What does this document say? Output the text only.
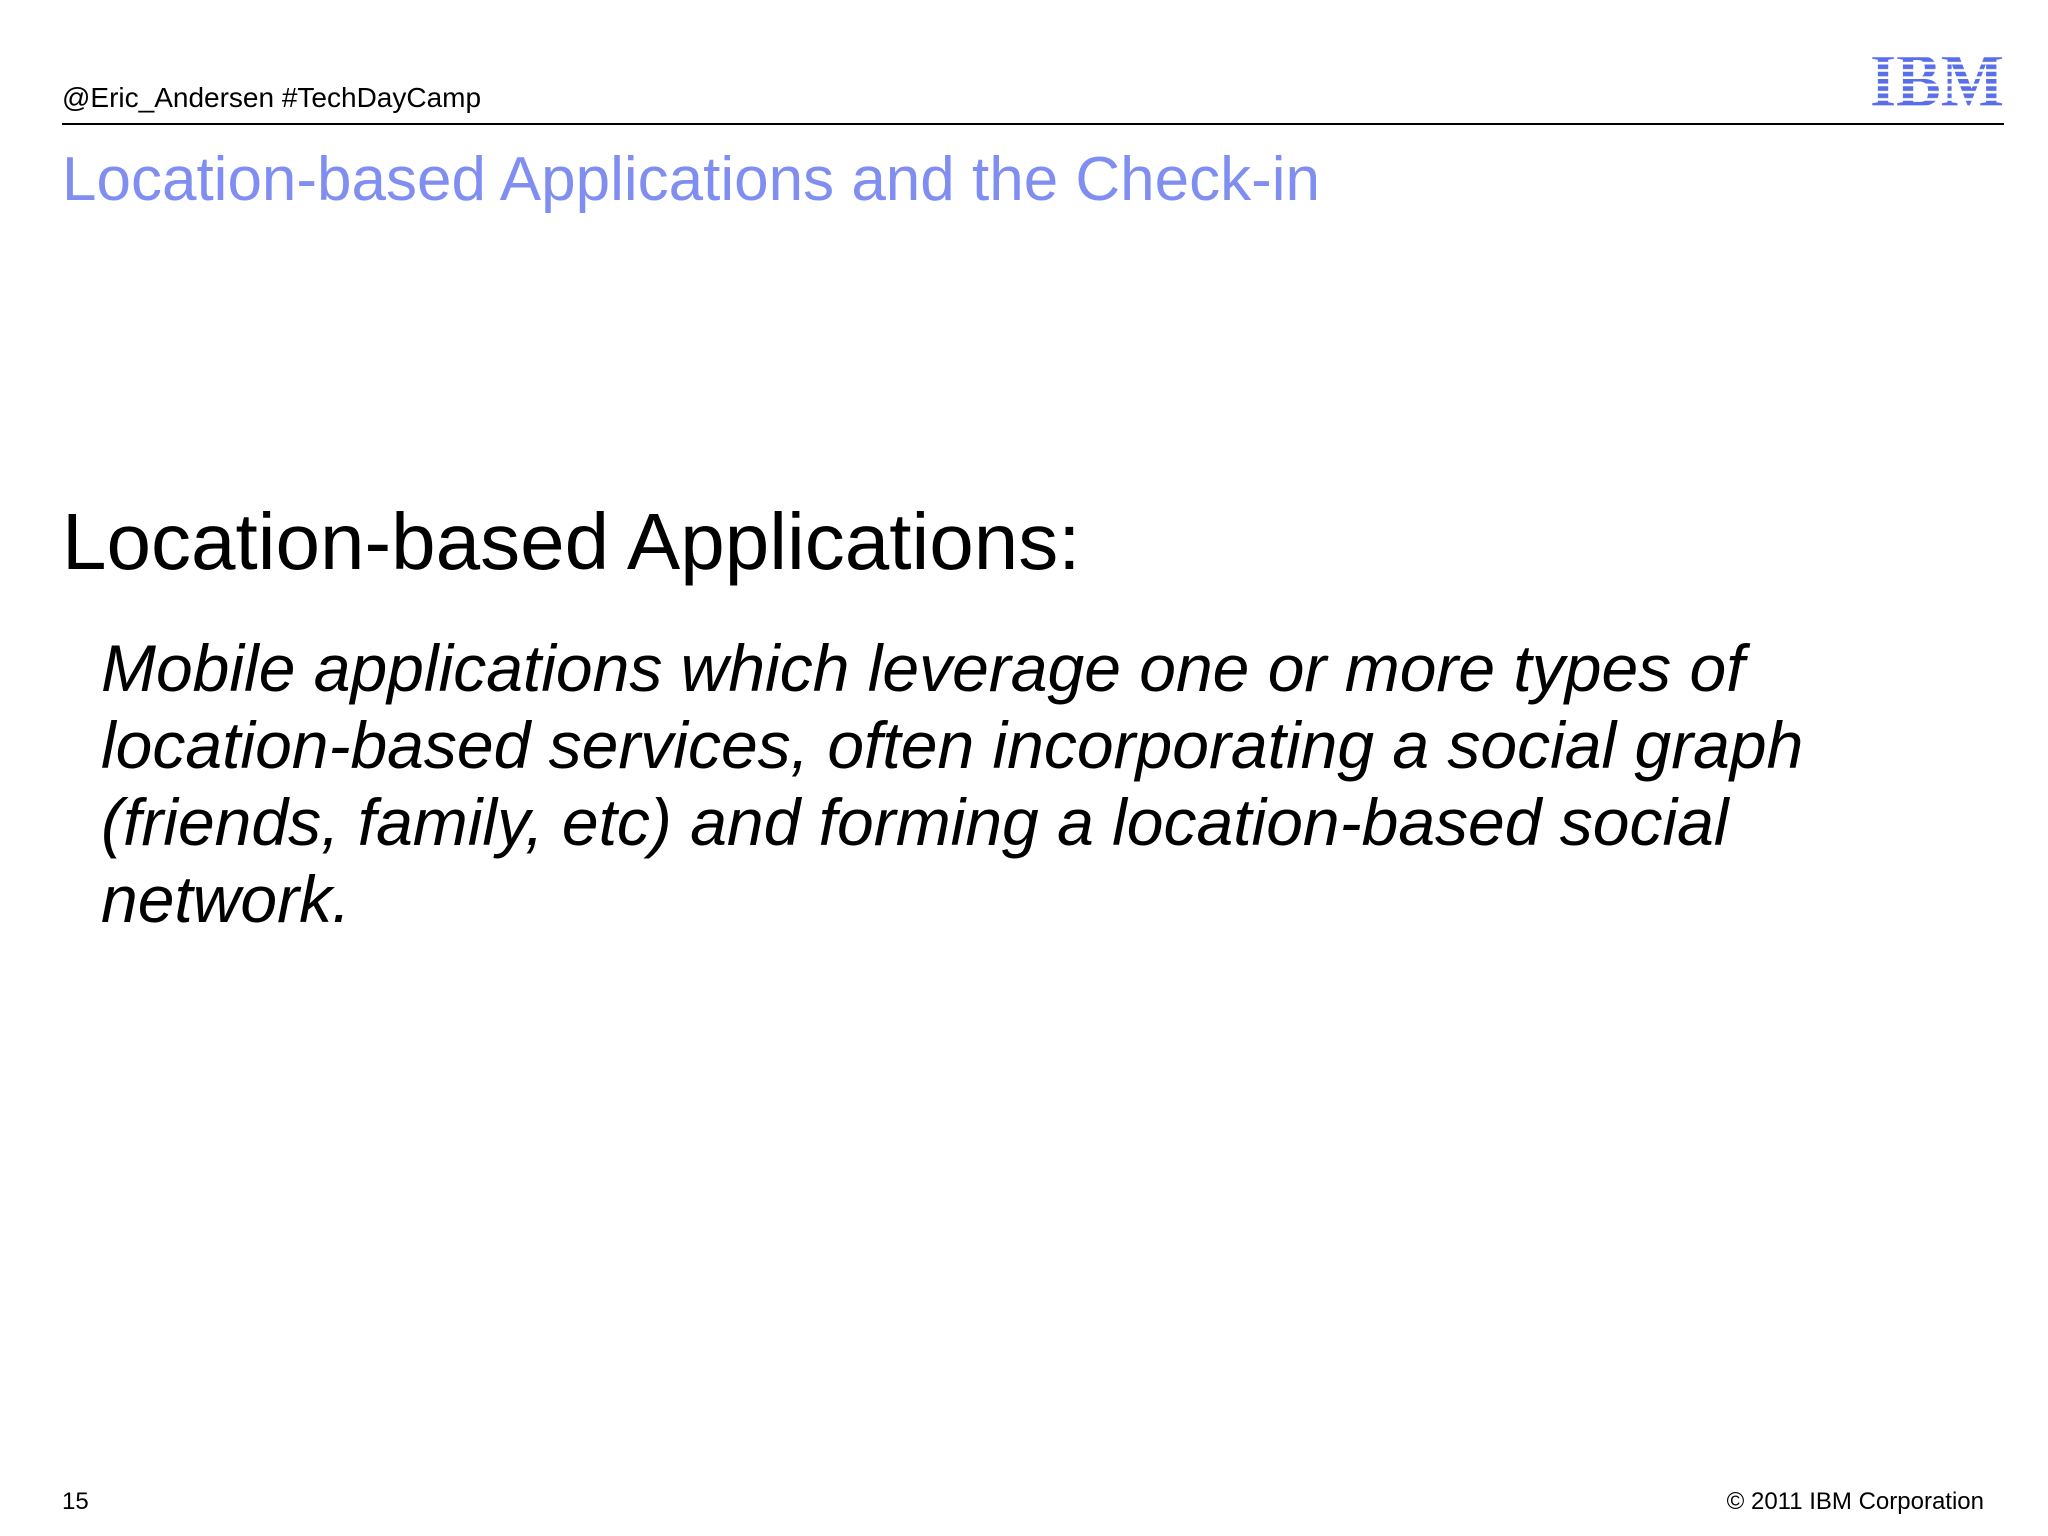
@Eric_Andersen #TechDayCamp	IBM
Location-based Applications and the Check-in
Location-based Applications:

Mobile applications which leverage one or more types of location-based services, often incorporating a social graph (friends, family, etc) and forming a location-based social network.

15	© 2011 IBM Corporation
